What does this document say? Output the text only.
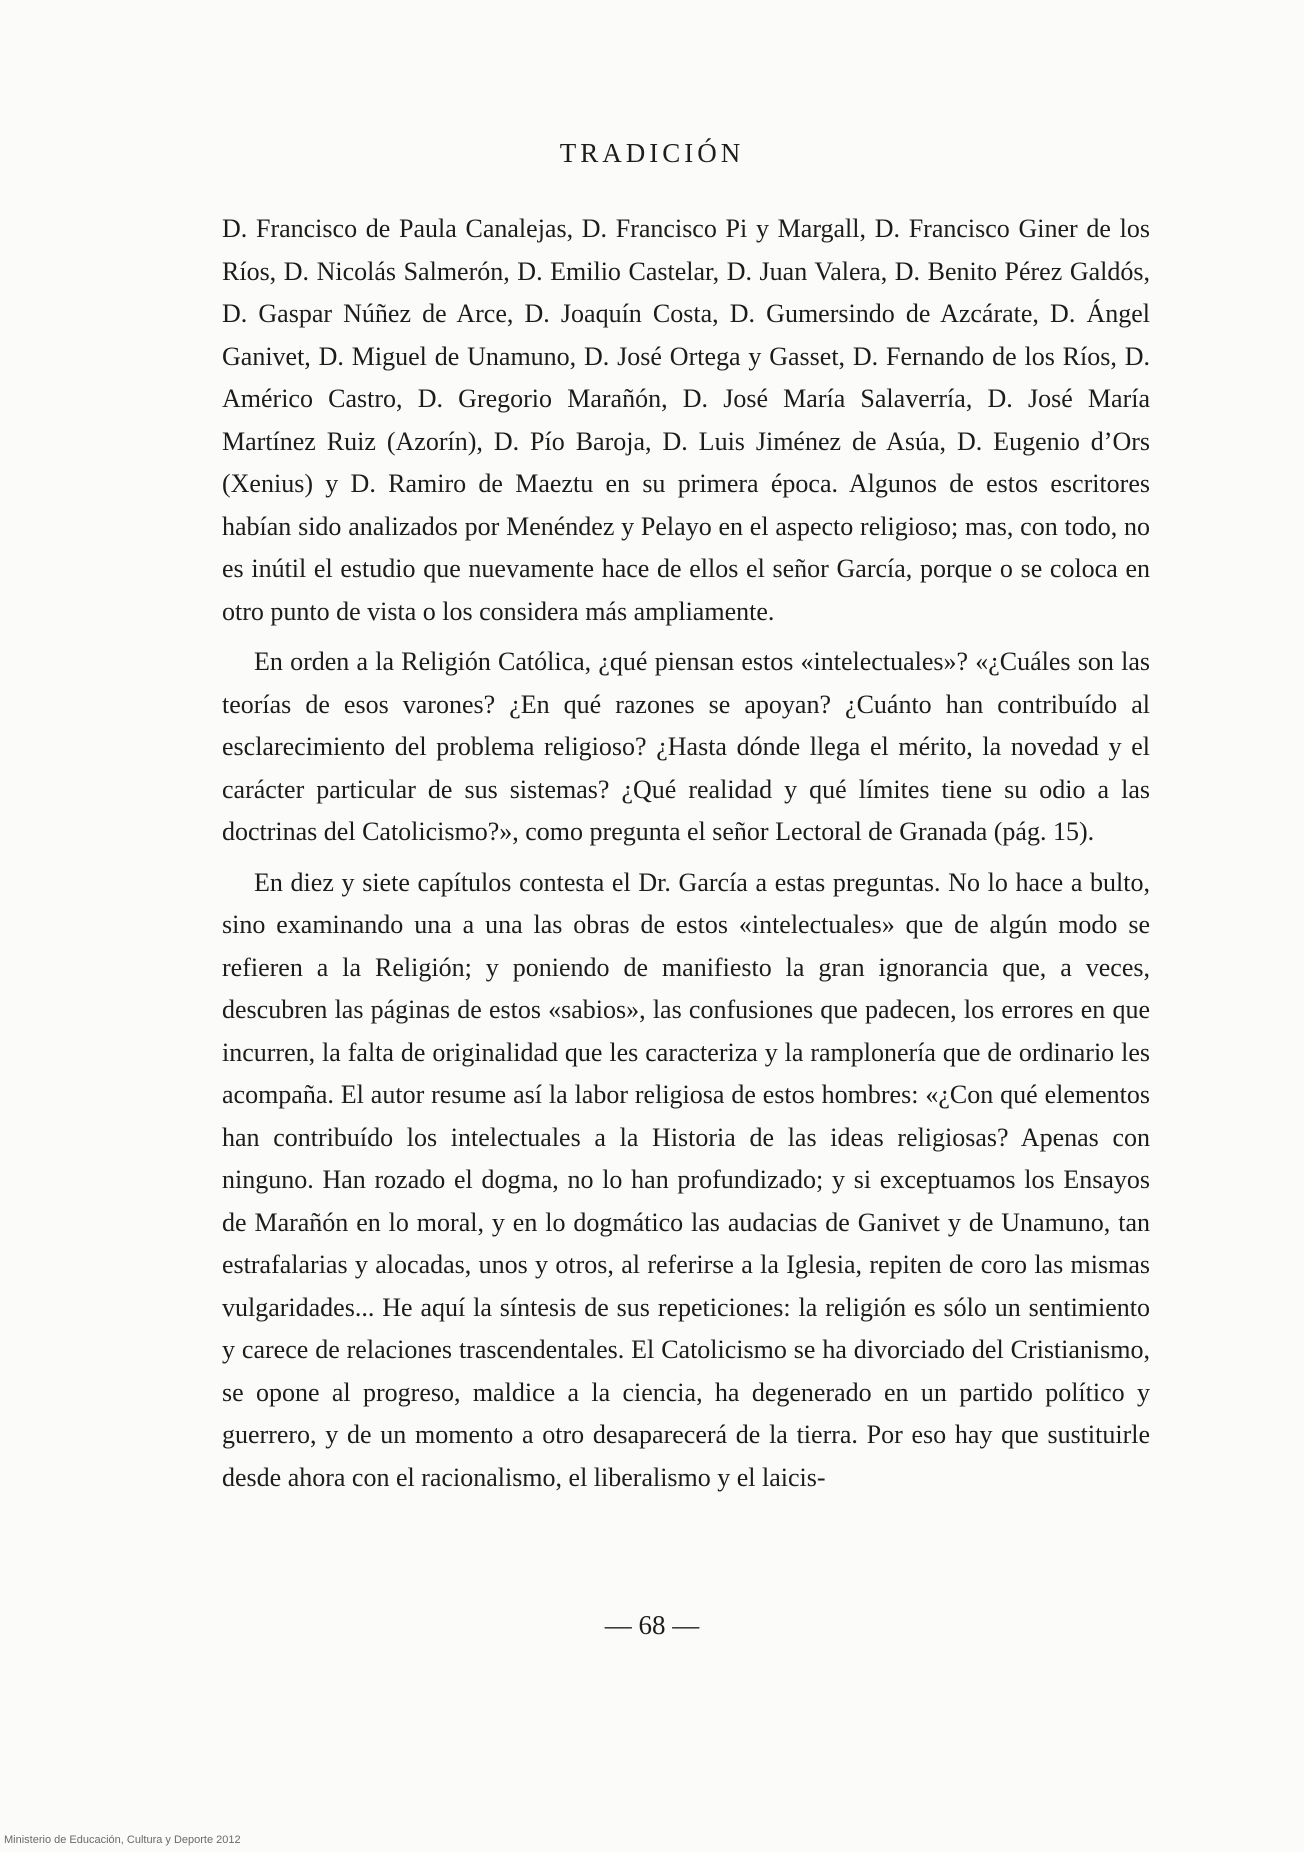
TRADICIÓN

D. Francisco de Paula Canalejas, D. Francisco Pi y Margall, D. Francisco Giner de los Ríos, D. Nicolás Salmerón, D. Emilio Castelar, D. Juan Valera, D. Benito Pérez Galdós, D. Gaspar Núñez de Arce, D. Joaquín Costa, D. Gumersindo de Azcárate, D. Ángel Ganivet, D. Miguel de Unamuno, D. José Ortega y Gasset, D. Fernando de los Ríos, D. Américo Castro, D. Gregorio Marañón, D. José María Salaverría, D. José María Martínez Ruiz (Azorín), D. Pío Baroja, D. Luis Jiménez de Asúa, D. Eugenio d’Ors (Xenius) y D. Ramiro de Maeztu en su primera época. Algunos de estos escritores habían sido analizados por Menéndez y Pelayo en el aspecto religioso; mas, con todo, no es inútil el estudio que nuevamente hace de ellos el señor García, porque o se coloca en otro punto de vista o los considera más ampliamente.

En orden a la Religión Católica, ¿qué piensan estos «intelectuales»? «¿Cuáles son las teorías de esos varones? ¿En qué razones se apoyan? ¿Cuánto han contribuído al esclarecimiento del problema religioso? ¿Hasta dónde llega el mérito, la novedad y el carácter particular de sus sistemas? ¿Qué realidad y qué límites tiene su odio a las doctrinas del Catolicismo?», como pregunta el señor Lectoral de Granada (pág. 15).

En diez y siete capítulos contesta el Dr. García a estas preguntas. No lo hace a bulto, sino examinando una a una las obras de estos «intelectuales» que de algún modo se refieren a la Religión; y poniendo de manifiesto la gran ignorancia que, a veces, descubren las páginas de estos «sabios», las confusiones que padecen, los errores en que incurren, la falta de originalidad que les caracteriza y la ramplonería que de ordinario les acompaña. El autor resume así la labor religiosa de estos hombres: «¿Con qué elementos han contribuído los intelectuales a la Historia de las ideas religiosas? Apenas con ninguno. Han rozado el dogma, no lo han profundizado; y si exceptuamos los Ensayos de Marañón en lo moral, y en lo dogmático las audacias de Ganivet y de Unamuno, tan estrafalarias y alocadas, unos y otros, al referirse a la Iglesia, repiten de coro las mismas vulgaridades... He aquí la síntesis de sus repeticiones: la religión es sólo un sentimiento y carece de relaciones trascendentales. El Catolicismo se ha divorciado del Cristianismo, se opone al progreso, maldice a la ciencia, ha degenerado en un partido político y guerrero, y de un momento a otro desaparecerá de la tierra. Por eso hay que sustituirle desde ahora con el racionalismo, el liberalismo y el laicis-

— 68 —
Ministerio de Educación, Cultura y Deporte 2012
